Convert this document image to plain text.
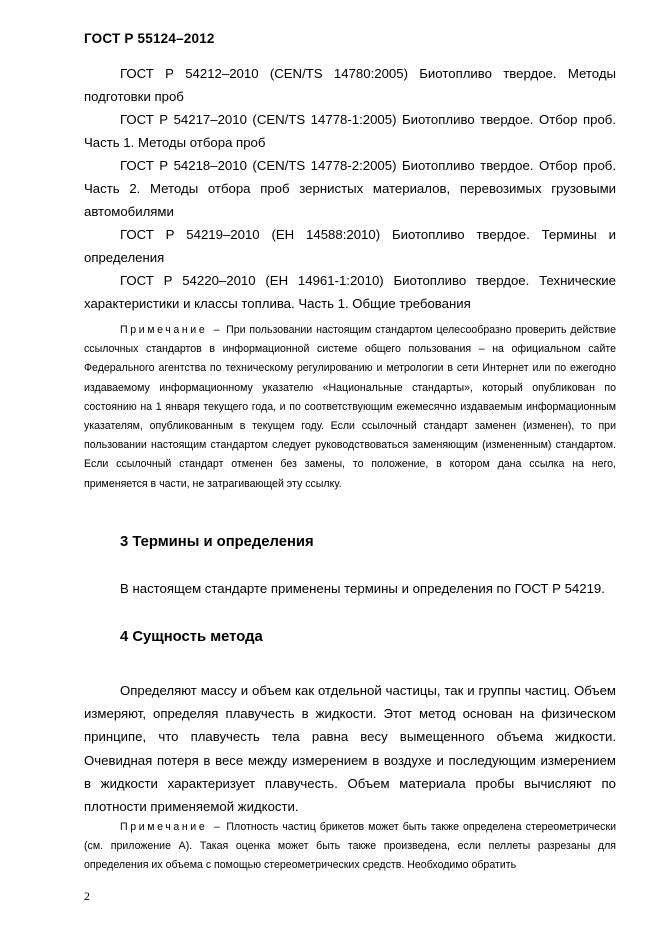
ГОСТ Р 55124–2012

ГОСТ Р 54212–2010 (CEN/TS 14780:2005) Биотопливо твердое. Методы подготовки проб

ГОСТ Р 54217–2010 (CEN/TS 14778-1:2005) Биотопливо твердое. Отбор проб. Часть 1. Методы отбора проб

ГОСТ Р 54218–2010 (CEN/TS 14778-2:2005) Биотопливо твердое. Отбор проб. Часть 2. Методы отбора проб зернистых материалов, перевозимых грузовыми автомобилями

ГОСТ Р 54219–2010 (ЕН 14588:2010) Биотопливо твердое. Термины и определения

ГОСТ Р 54220–2010 (ЕН 14961-1:2010) Биотопливо твердое. Технические характеристики и классы топлива. Часть 1. Общие требования

Примечание – При пользовании настоящим стандартом целесообразно проверить действие ссылочных стандартов в информационной системе общего пользования – на официальном сайте Федерального агентства по техническому регулированию и метрологии в сети Интернет или по ежегодно издаваемому информационному указателю «Национальные стандарты», который опубликован по состоянию на 1 января текущего года, и по соответствующим ежемесячно издаваемым информационным указателям, опубликованным в текущем году. Если ссылочный стандарт заменен (изменен), то при пользовании настоящим стандартом следует руководствоваться заменяющим (измененным) стандартом. Если ссылочный стандарт отменен без замены, то положение, в котором дана ссылка на него, применяется в части, не затрагивающей эту ссылку.

3 Термины и определения

В настоящем стандарте применены термины и определения по ГОСТ Р 54219.

4 Сущность метода

Определяют массу и объем как отдельной частицы, так и группы частиц. Объем измеряют, определяя плавучесть в жидкости. Этот метод основан на физическом принципе, что плавучесть тела равна весу вымещенного объема жидкости. Очевидная потеря в весе между измерением в воздухе и последующим измерением в жидкости характеризует плавучесть. Объем материала пробы вычисляют по плотности применяемой жидкости.

Примечание – Плотность частиц брикетов может быть также определена стереометрически (см. приложение А). Такая оценка может быть также произведена, если пеллеты разрезаны для определения их объема с помощью стереометрических средств. Необходимо обратить

2
